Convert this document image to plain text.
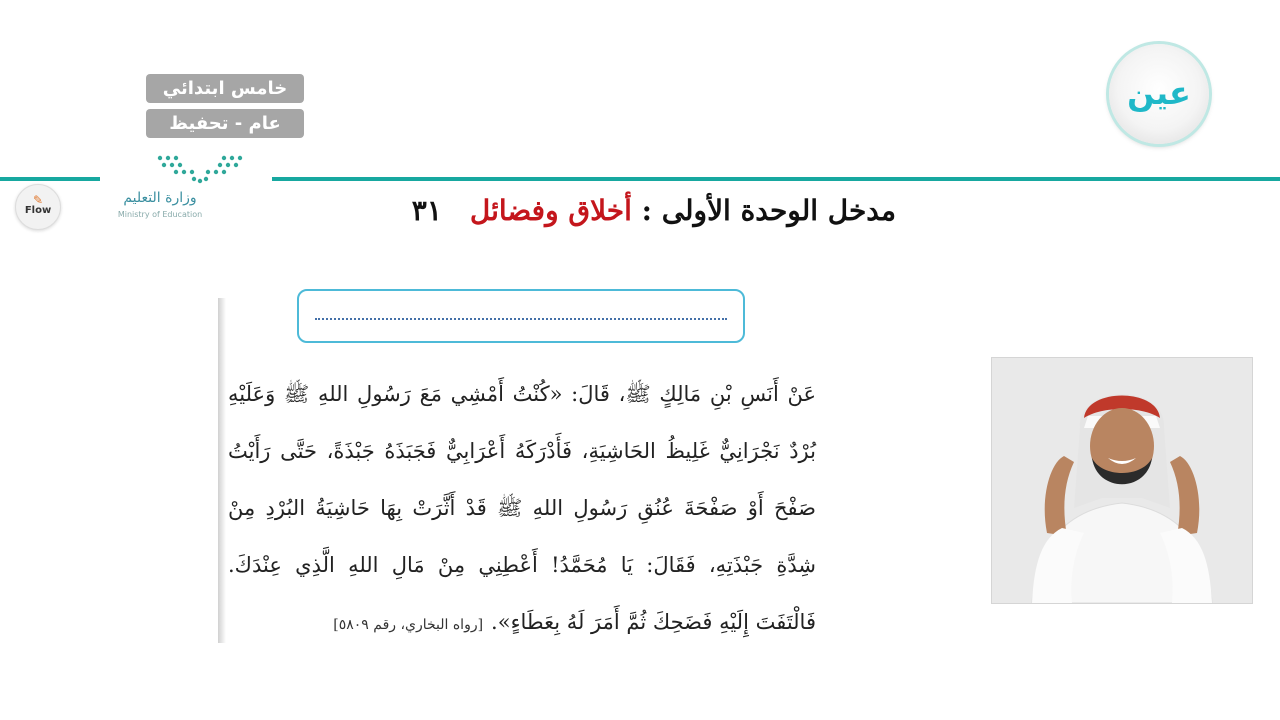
خامس ابتدائي
عام - تحفيظ
وزارة التعليم
Ministry of Education
✎
Flow
عين
مدخل الوحدة الأولى : أخلاق وفضائل٣١

عَنْ أَنَسِ بْنِ مَالِكٍ ﷺ، قَالَ: «كُنْتُ أَمْشِي مَعَ رَسُولِ اللهِ ﷺ وَعَلَيْهِ بُرْدٌ نَجْرَانِيٌّ غَلِيظُ الحَاشِيَةِ، فَأَدْرَكَهُ أَعْرَابِيٌّ فَجَبَذَهُ جَبْذَةً، حَتَّى رَأَيْتُ صَفْحَ أَوْ صَفْحَةَ عُنُقِ رَسُولِ اللهِ ﷺ قَدْ أَثَّرَتْ بِهَا حَاشِيَةُ البُرْدِ مِنْ شِدَّةِ جَبْذَتِهِ، فَقَالَ: يَا مُحَمَّدُ! أَعْطِنِي مِنْ مَالِ اللهِ الَّذِي عِنْدَكَ. فَالْتَفَتَ إِلَيْهِ فَضَحِكَ ثُمَّ أَمَرَ لَهُ بِعَطَاءٍ».[رواه البخاري، رقم ٥٨٠٩]
